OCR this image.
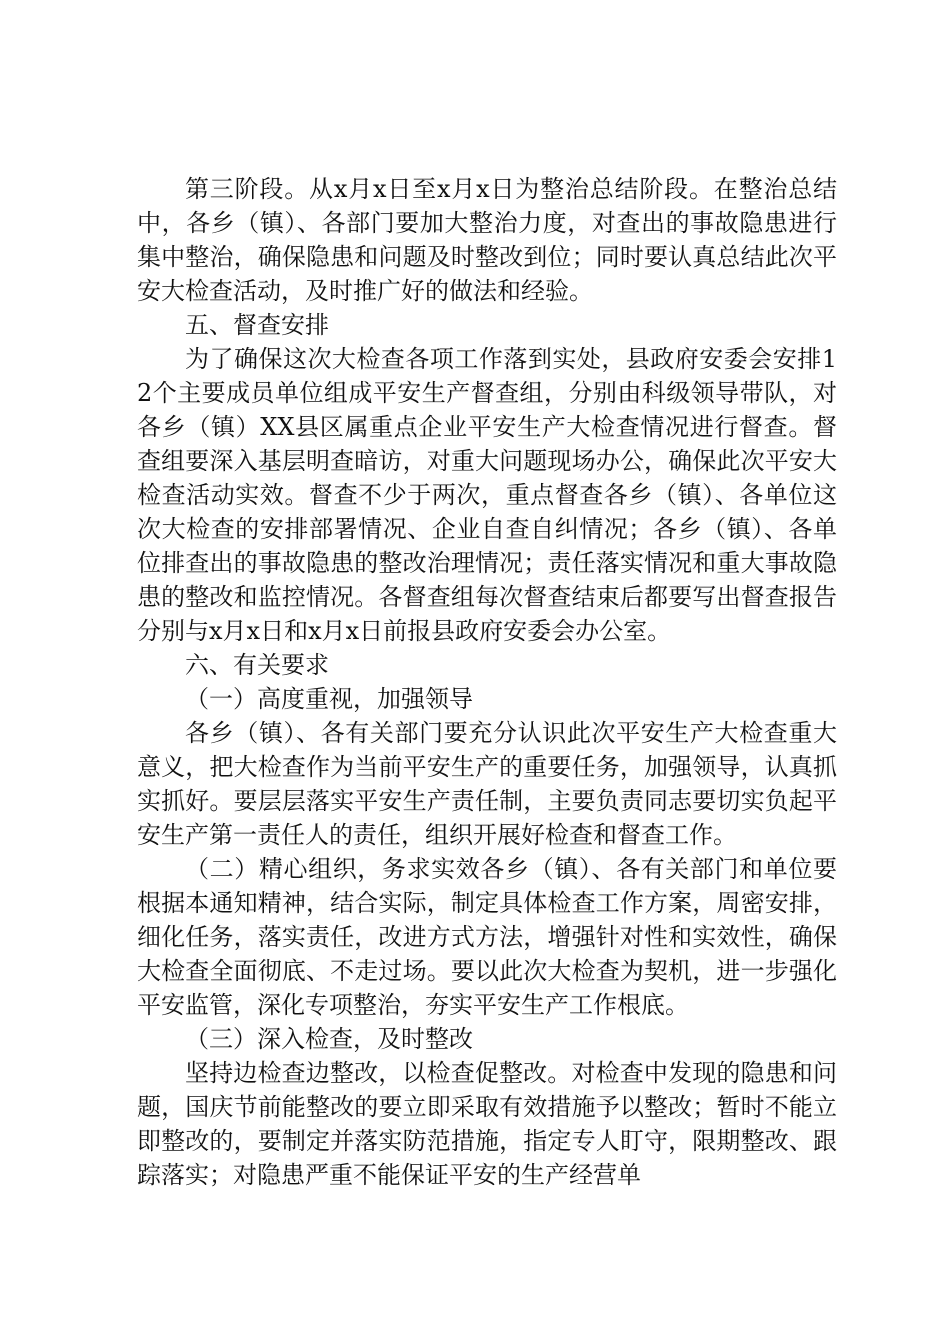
第三阶段。从x月x日至x月x日为整治总结阶段。在整治总结中，各乡（镇）、各部门要加大整治力度，对查出的事故隐患进行集中整治，确保隐患和问题及时整改到位；同时要认真总结此次平安大检查活动，及时推广好的做法和经验。

五、督查安排

为了确保这次大检查各项工作落到实处，县政府安委会安排12个主要成员单位组成平安生产督查组，分别由科级领导带队，对各乡（镇）XX县区属重点企业平安生产大检查情况进行督查。督查组要深入基层明查暗访，对重大问题现场办公，确保此次平安大检查活动实效。督查不少于两次，重点督查各乡（镇）、各单位这次大检查的安排部署情况、企业自查自纠情况；各乡（镇）、各单位排查出的事故隐患的整改治理情况；责任落实情况和重大事故隐患的整改和监控情况。各督查组每次督查结束后都要写出督查报告分别与x月x日和x月x日前报县政府安委会办公室。

六、有关要求

（一）高度重视，加强领导

各乡（镇）、各有关部门要充分认识此次平安生产大检查重大意义，把大检查作为当前平安生产的重要任务，加强领导，认真抓实抓好。要层层落实平安生产责任制，主要负责同志要切实负起平安生产第一责任人的责任，组织开展好检查和督查工作。

（二）精心组织，务求实效各乡（镇）、各有关部门和单位要根据本通知精神，结合实际，制定具体检查工作方案，周密安排，细化任务，落实责任，改进方式方法，增强针对性和实效性，确保大检查全面彻底、不走过场。要以此次大检查为契机，进一步强化平安监管，深化专项整治，夯实平安生产工作根底。

（三）深入检查，及时整改

坚持边检查边整改，以检查促整改。对检查中发现的隐患和问题，国庆节前能整改的要立即采取有效措施予以整改；暂时不能立即整改的，要制定并落实防范措施，指定专人盯守，限期整改、跟踪落实；对隐患严重不能保证平安的生产经营单
